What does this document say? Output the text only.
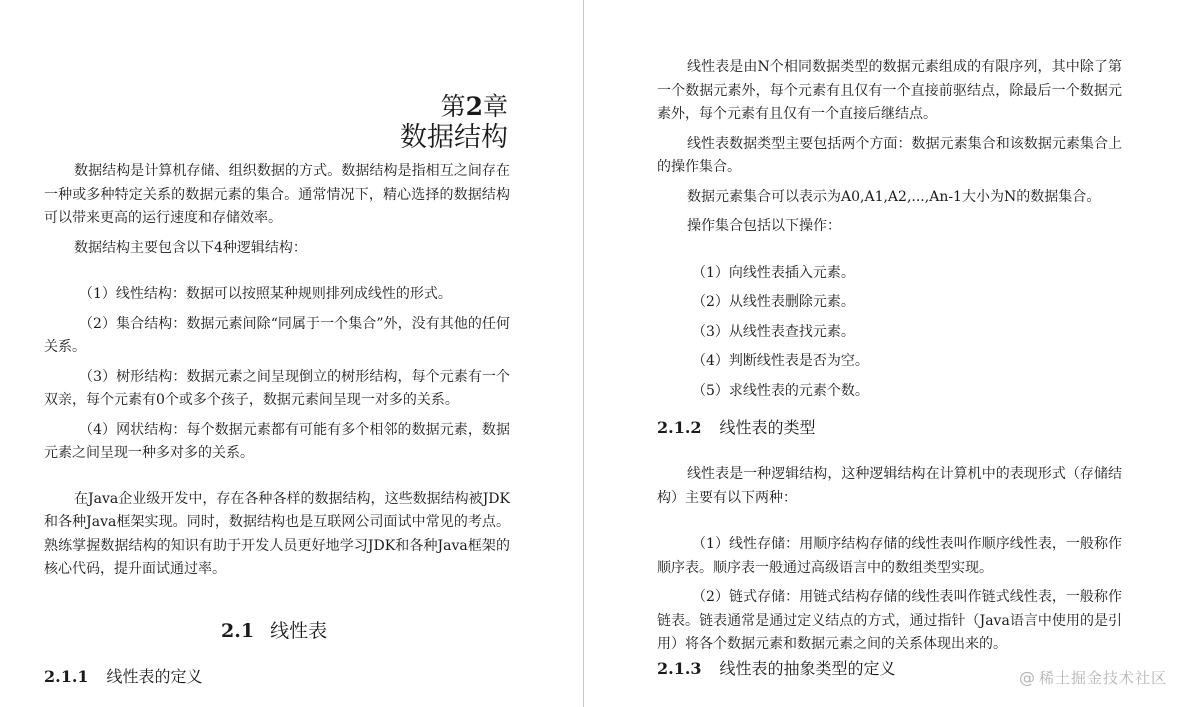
第2章
数据结构

数据结构是计算机存储、组织数据的方式。数据结构是指相互之间存在一种或多种特定关系的数据元素的集合。通常情况下，精心选择的数据结构可以带来更高的运行速度和存储效率。

数据结构主要包含以下4种逻辑结构：

（1）线性结构：数据可以按照某种规则排列成线性的形式。

（2）集合结构：数据元素间除“同属于一个集合”外，没有其他的任何关系。

（3）树形结构：数据元素之间呈现倒立的树形结构，每个元素有一个双亲，每个元素有0个或多个孩子，数据元素间呈现一对多的关系。

（4）网状结构：每个数据元素都有可能有多个相邻的数据元素，数据元素之间呈现一种多对多的关系。

在Java企业级开发中，存在各种各样的数据结构，这些数据结构被JDK和各种Java框架实现。同时，数据结构也是互联网公司面试中常见的考点。熟练掌握数据结构的知识有助于开发人员更好地学习JDK和各种Java框架的核心代码，提升面试通过率。

2.1 线性表
2.1.1 线性表的定义

线性表是由N个相同数据类型的数据元素组成的有限序列，其中除了第一个数据元素外，每个元素有且仅有一个直接前驱结点，除最后一个数据元素外，每个元素有且仅有一个直接后继结点。

线性表数据类型主要包括两个方面：数据元素集合和该数据元素集合上的操作集合。

数据元素集合可以表示为A0,A1,A2,...,An-1大小为N的数据集合。

操作集合包括以下操作：

（1）向线性表插入元素。

（2）从线性表删除元素。

（3）从线性表查找元素。

（4）判断线性表是否为空。

（5）求线性表的元素个数。

线性表是一种逻辑结构，这种逻辑结构在计算机中的表现形式（存储结构）主要有以下两种：

（1）线性存储：用顺序结构存储的线性表叫作顺序线性表，一般称作顺序表。顺序表一般通过高级语言中的数组类型实现。

（2）链式存储：用链式结构存储的线性表叫作链式线性表，一般称作链表。链表通常是通过定义结点的方式，通过指针（Java语言中使用的是引用）将各个数据元素和数据元素之间的关系体现出来的。

2.1.2 线性表的类型
2.1.3 线性表的抽象类型的定义	@ 稀土掘金技术社区
